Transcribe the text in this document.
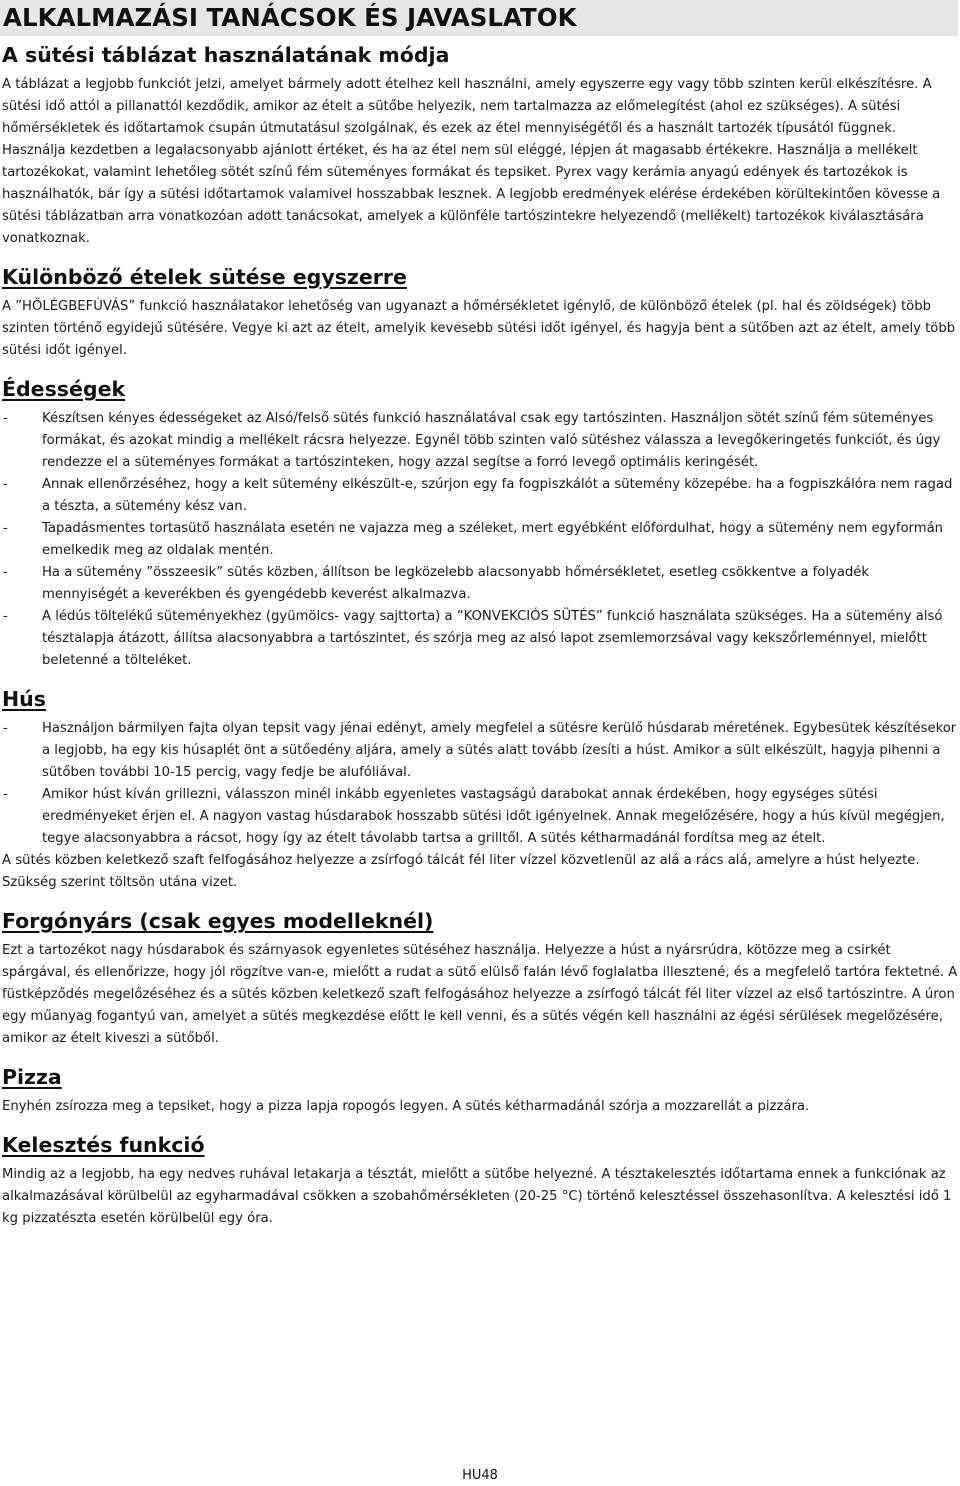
ALKALMAZÁSI TANÁCSOK ÉS JAVASLATOK
A sütési táblázat használatának módja

A táblázat a legjobb funkciót jelzi, amelyet bármely adott ételhez kell használni, amely egyszerre egy vagy több szinten kerül elkészítésre. A sütési idő attól a pillanattól kezdődik, amikor az ételt a sütőbe helyezik, nem tartalmazza az előmelegítést (ahol ez szükséges). A sütési hőmérsékletek és időtartamok csupán útmutatásul szolgálnak, és ezek az étel mennyiségétől és a használt tartozék típusától függnek. Használja kezdetben a legalacsonyabb ajánlott értéket, és ha az étel nem sül eléggé, lépjen át magasabb értékekre. Használja a mellékelt tartozékokat, valamint lehetőleg sötét színű fém süteményes formákat és tepsiket. Pyrex vagy kerámia anyagú edények és tartozékok is használhatók, bár így a sütési időtartamok valamivel hosszabbak lesznek. A legjobb eredmények elérése érdekében körültekintően kövesse a sütési táblázatban arra vonatkozóan adott tanácsokat, amelyek a különféle tartószintekre helyezendő (mellékelt) tartozékok kiválasztására vonatkoznak.

Különböző ételek sütése egyszerre

A ”HŐLÉGBEFÚVÁS” funkció használatakor lehetőség van ugyanazt a hőmérsékletet igénylő, de különböző ételek (pl. hal és zöldségek) több szinten történő egyidejű sütésére. Vegye ki azt az ételt, amelyik kevesebb sütési időt igényel, és hagyja bent a sütőben azt az ételt, amely több sütési időt igényel.

Édességek
-	Készítsen kényes édességeket az Alsó/felső sütés funkció használatával csak egy tartószinten. Használjon sötét színű fém süteményes formákat, és azokat mindig a mellékelt rácsra helyezze. Egynél több szinten való sütéshez válassza a levegőkeringetés funkciót, és úgy rendezze el a süteményes formákat a tartószinteken, hogy azzal segítse a forró levegő optimális keringését.
-	Annak ellenőrzéséhez, hogy a kelt sütemény elkészült-e, szúrjon egy fa fogpiszkálót a sütemény közepébe. ha a fogpiszkálóra nem ragad a tészta, a sütemény kész van.
-	Tapadásmentes tortasütő használata esetén ne vajazza meg a széleket, mert egyébként előfordulhat, hogy a sütemény nem egyformán emelkedik meg az oldalak mentén.
-	Ha a sütemény ”összeesik” sütés közben, állítson be legközelebb alacsonyabb hőmérsékletet, esetleg csökkentve a folyadék mennyiségét a keverékben és gyengédebb keverést alkalmazva.
-	A lédús töltelékű süteményekhez (gyümölcs- vagy sajttorta) a ”KONVEKCIÓS SÜTÉS” funkció használata szükséges. Ha a sütemény alsó tésztalapja átázott, állítsa alacsonyabbra a tartószintet, és szórja meg az alsó lapot zsemlemorzsával vagy kekszőrleménnyel, mielőtt beletenné a tölteléket.
Hús
-	Használjon bármilyen fajta olyan tepsit vagy jénai edényt, amely megfelel a sütésre kerülő húsdarab méretének. Egybesütek készítésekor a legjobb, ha egy kis húsaplét önt a sütőedény aljára, amely a sütés alatt tovább ízesíti a húst. Amikor a sült elkészült, hagyja pihenni a sütőben további 10-15 percig, vagy fedje be alufóliával.
-	Amikor húst kíván grillezni, válasszon minél inkább egyenletes vastagságú darabokat annak érdekében, hogy egységes sütési eredményeket érjen el. A nagyon vastag húsdarabok hosszabb sütési időt igényelnek. Annak megelőzésére, hogy a hús kívül megégjen, tegye alacsonyabbra a rácsot, hogy így az ételt távolabb tartsa a grilltől. A sütés kétharmadánál fordítsa meg az ételt.

A sütés közben keletkező szaft felfogásához helyezze a zsírfogó tálcát fél liter vízzel közvetlenül az alá a rács alá, amelyre a húst helyezte. Szükség szerint töltsön utána vizet.

Forgónyárs (csak egyes modelleknél)

Ezt a tartozékot nagy húsdarabok és szárnyasok egyenletes sütéséhez használja. Helyezze a húst a nyársrúdra, kötözze meg a csirkét spárgával, és ellenőrizze, hogy jól rögzítve van-e, mielőtt a rudat a sütő elülső falán lévő foglalatba illesztené, és a megfelelő tartóra fektetné. A füstképződés megelőzéséhez és a sütés közben keletkező szaft felfogásához helyezze a zsírfogó tálcát fél liter vízzel az első tartószintre. A úron egy műanyag fogantyú van, amelyet a sütés megkezdése előtt le kell venni, és a sütés végén kell használni az égési sérülések megelőzésére, amikor az ételt kiveszi a sütőből.

Pizza

Enyhén zsírozza meg a tepsiket, hogy a pizza lapja ropogós legyen. A sütés kétharmadánál szórja a mozzarellát a pizzára.

Kelesztés funkció

Mindig az a legjobb, ha egy nedves ruhával letakarja a tésztát, mielőtt a sütőbe helyezné. A tésztakelesztés időtartama ennek a funkciónak az alkalmazásával körülbelül az egyharmadával csökken a szobahőmérsékleten (20-25 °C) történő kelesztéssel összehasonlítva. A kelesztési idő 1 kg pizzatészta esetén körülbelül egy óra.

HU48
